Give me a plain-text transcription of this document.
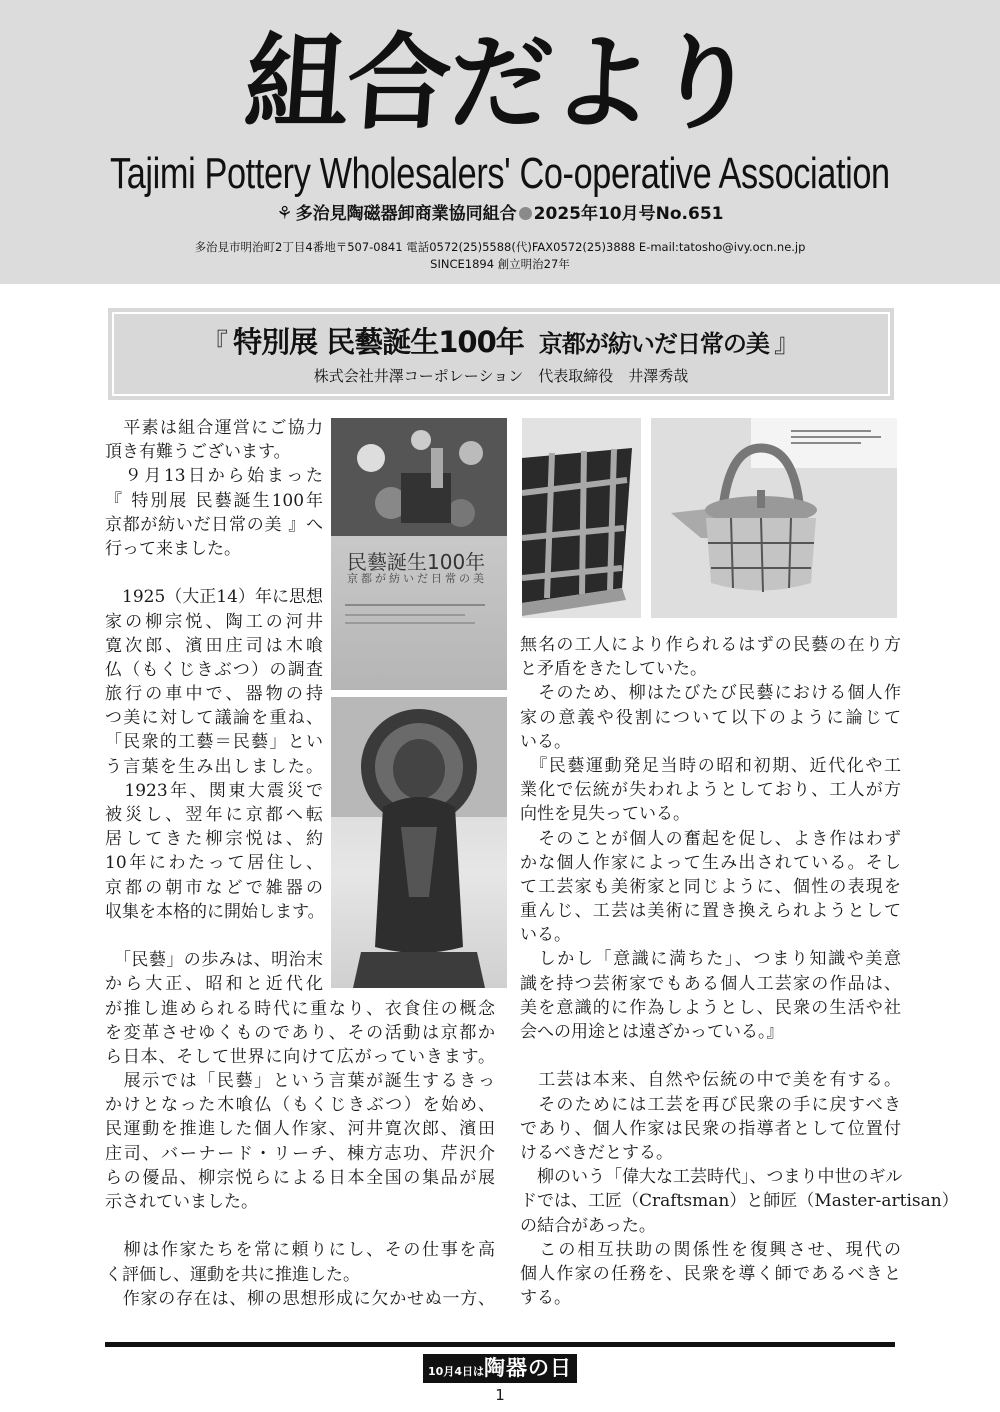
組合だより
Tajimi Pottery Wholesalers' Co-operative Association
⚘ 多治見陶磁器卸商業協同組合 2025年10月号No.651
多治見市明治町2丁目4番地〒507-0841 電話0572(25)5588(代)FAX0572(25)3888 E-mail:tatosho@ivy.ocn.ne.jp
SINCE1894 創立明治27年
『 特別展 民藝誕生100年 京都が紡いだ日常の美 』
株式会社井澤コーポレーション　代表取締役　井澤秀哉
　平素は組合運営にご協力
頂き有難うございます。
　９月13日から始まった
『 特別展 民藝誕生100年
京都が紡いだ日常の美 』へ
行って来ました。
　1925（大正14）年に思想
家の柳宗悦、陶工の河井
寛次郎、濱田庄司は木喰
仏（もくじきぶつ）の調査
旅行の車中で、器物の持
つ美に対して議論を重ね、
「民衆的工藝＝民藝」とい
う言葉を生み出しました。
　1923年、関東大震災で
被災し、翌年に京都へ転
居してきた柳宗悦は、約
10年にわたって居住し、
京都の朝市などで雑器の
収集を本格的に開始します。
　「民藝」の歩みは、明治末
から大正、昭和と近代化
が推し進められる時代に重なり、衣食住の概念
を変革させゆくものであり、その活動は京都か
ら日本、そして世界に向けて広がっていきます。
　展示では「民藝」という言葉が誕生するきっ
かけとなった木喰仏（もくじきぶつ）を始め、
民運動を推進した個人作家、河井寛次郎、濱田
庄司、バーナード・リーチ、棟方志功、芹沢介
らの優品、柳宗悦らによる日本全国の集品が展
示されていました。
　柳は作家たちを常に頼りにし、その仕事を高
く評価し、運動を共に推進した。
　作家の存在は、柳の思想形成に欠かせぬ一方、
無名の工人により作られるはずの民藝の在り方
と矛盾をきたしていた。
　そのため、柳はたびたび民藝における個人作
家の意義や役割について以下のように論じて
いる。
　『民藝運動発足当時の昭和初期、近代化や工
業化で伝統が失われようとしており、工人が方
向性を見失っている。
　そのことが個人の奮起を促し、よき作はわず
かな個人作家によって生み出されている。そし
て工芸家も美術家と同じように、個性の表現を
重んじ、工芸は美術に置き換えられようとして
いる。
　しかし「意識に満ちた」、つまり知識や美意
識を持つ芸術家でもある個人工芸家の作品は、
美を意識的に作為しようとし、民衆の生活や社
会への用途とは遠ざかっている。』
　工芸は本来、自然や伝統の中で美を有する。
　そのためには工芸を再び民衆の手に戻すべき
であり、個人作家は民衆の指導者として位置付
けるべきだとする。
　柳のいう「偉大な工芸時代」、つまり中世のギル
ドでは、工匠（Craftsman）と師匠（Master-artisan）
の結合があった。
　この相互扶助の関係性を復興させ、現代の
個人作家の任務を、民衆を導く師であるべきと
する。
民藝誕生100年
京都が紡いだ日常の美
10月4日は陶器の日
1
